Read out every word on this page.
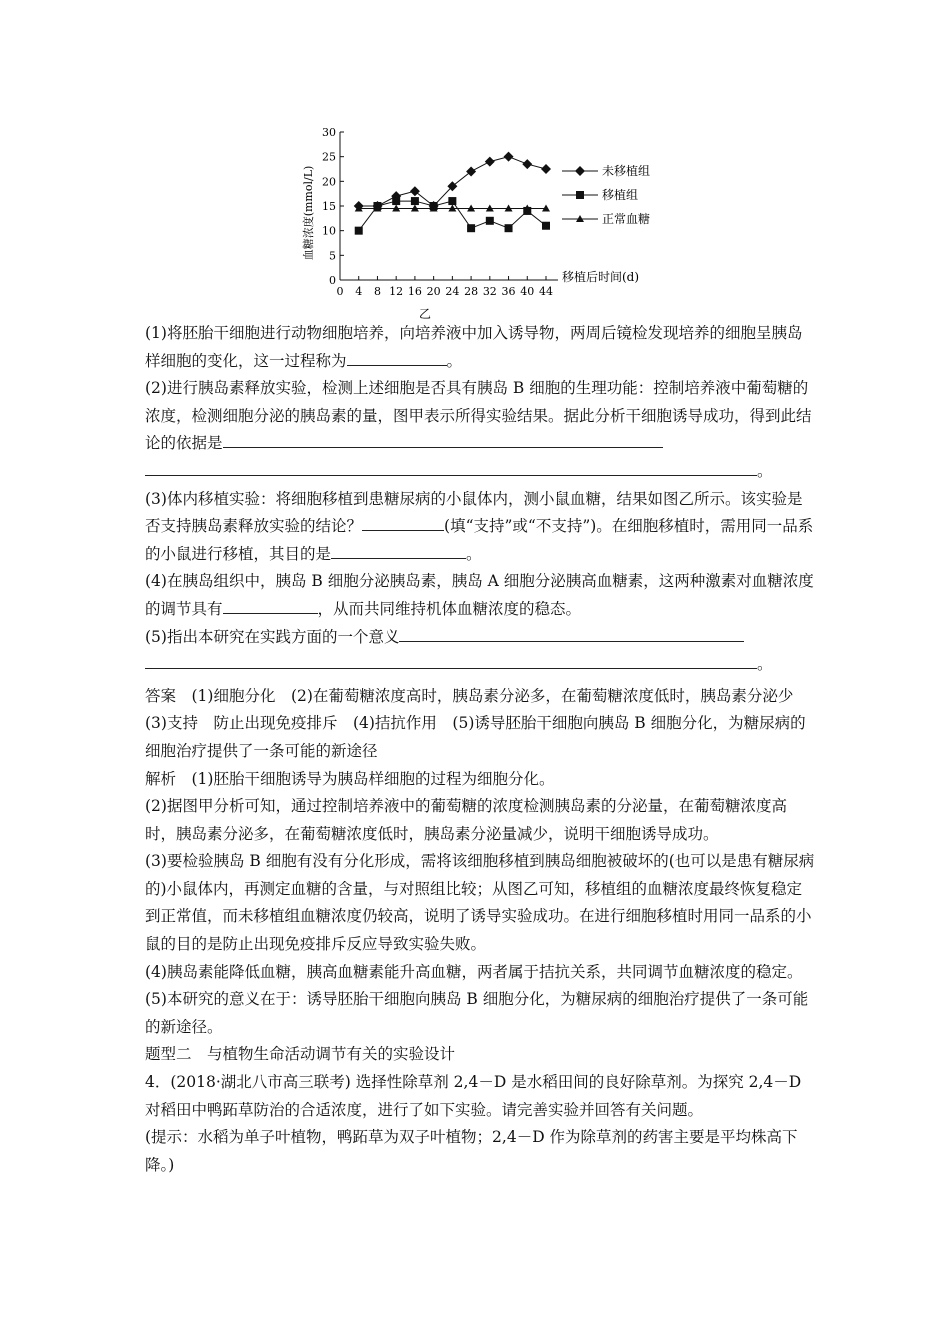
0
5
10
15
20
25
30
0 4 8 12 16 20 24 28 32 36 40 44
未移植组
移植组
正常血糖
血糖浓度(mmol/L)
移植后时间(d)
乙

(1)将胚胎干细胞进行动物细胞培养，向培养液中加入诱导物，两周后镜检发现培养的细胞呈胰岛样细胞的变化，这一过程称为	。

(2)进行胰岛素释放实验，检测上述细胞是否具有胰岛 B 细胞的生理功能：控制培养液中葡萄糖的浓度，检测细胞分泌的胰岛素的量，图甲表示所得实验结果。据此分析干细胞诱导成功，得到此结论的依据是。

(3)体内移植实验：将细胞移植到患糖尿病的小鼠体内，测小鼠血糖，结果如图乙所示。该实验是否支持胰岛素释放实验的结论？	(填“支持”或“不支持”)。在细胞移植时，需用同一品系的小鼠进行移植，其目的是	。

(4)在胰岛组织中，胰岛 B 细胞分泌胰岛素，胰岛 A 细胞分泌胰高血糖素，这两种激素对血糖浓度的调节具有	，从而共同维持机体血糖浓度的稳态。

(5)指出本研究在实践方面的一个意义。

答案　(1)细胞分化　(2)在葡萄糖浓度高时，胰岛素分泌多，在葡萄糖浓度低时，胰岛素分泌少　(3)支持　防止出现免疫排斥　(4)拮抗作用　(5)诱导胚胎干细胞向胰岛 B 细胞分化，为糖尿病的细胞治疗提供了一条可能的新途径

解析　(1)胚胎干细胞诱导为胰岛样细胞的过程为细胞分化。

(2)据图甲分析可知，通过控制培养液中的葡萄糖的浓度检测胰岛素的分泌量，在葡萄糖浓度高时，胰岛素分泌多，在葡萄糖浓度低时，胰岛素分泌量减少，说明干细胞诱导成功。

(3)要检验胰岛 B 细胞有没有分化形成，需将该细胞移植到胰岛细胞被破坏的(也可以是患有糖尿病的)小鼠体内，再测定血糖的含量，与对照组比较；从图乙可知，移植组的血糖浓度最终恢复稳定到正常值，而未移植组血糖浓度仍较高，说明了诱导实验成功。在进行细胞移植时用同一品系的小鼠的目的是防止出现免疫排斥反应导致实验失败。

(4)胰岛素能降低血糖，胰高血糖素能升高血糖，两者属于拮抗关系，共同调节血糖浓度的稳定。

(5)本研究的意义在于：诱导胚胎干细胞向胰岛 B 细胞分化，为糖尿病的细胞治疗提供了一条可能的新途径。

题型二　与植物生命活动调节有关的实验设计

4．(2018·湖北八市高三联考) 选择性除草剂 2,4－D 是水稻田间的良好除草剂。为探究 2,4－D 对稻田中鸭跖草防治的合适浓度，进行了如下实验。请完善实验并回答有关问题。

(提示：水稻为单子叶植物，鸭跖草为双子叶植物；2,4－D 作为除草剂的药害主要是平均株高下降。)
